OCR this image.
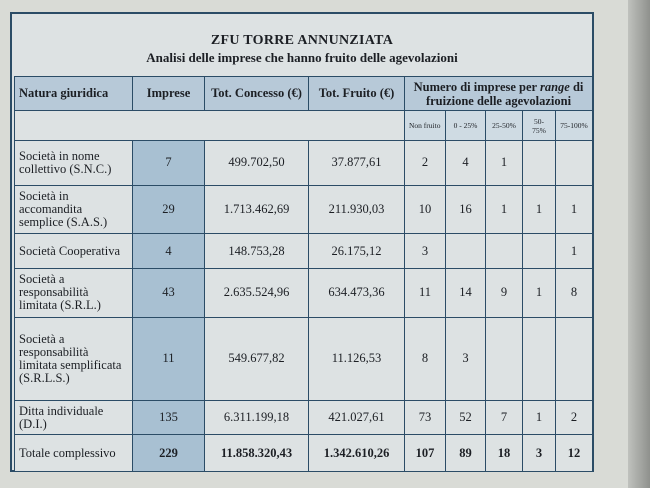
ZFU TORRE ANNUNZIATA
Analisi delle imprese che hanno fruito delle agevolazioni
Natura giuridica	Imprese	Tot. Concesso (€)	Tot. Fruito (€)	Numero di imprese per range di fruizione delle agevolazioni				
				Non fruito	0 - 25%	25-50%	50- 75%	75-100%
Società in nome collettivo (S.N.C.)	7	499.702,50	37.877,61	2	4	1		
Società in accomandita semplice (S.A.S.)	29	1.713.462,69	211.930,03	10	16	1	1	1
Società Cooperativa	4	148.753,28	26.175,12	3				1
Società a responsabilità limitata (S.R.L.)	43	2.635.524,96	634.473,36	11	14	9	1	8
Società a responsabilità limitata semplificata (S.R.L.S.)	11	549.677,82	11.126,53	8	3			
Ditta individuale (D.I.)	135	6.311.199,18	421.027,61	73	52	7	1	2
Totale complessivo	229	11.858.320,43	1.342.610,26	107	89	18	3	12
